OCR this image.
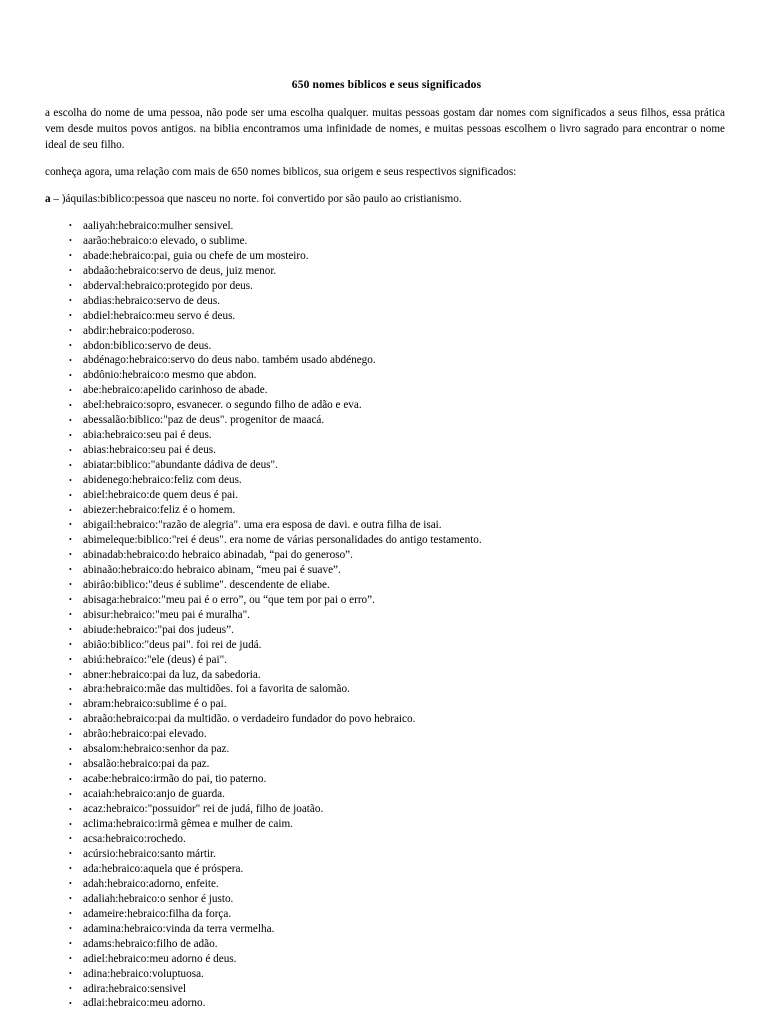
650 nomes bíblicos e seus significados

a escolha do nome de uma pessoa, não pode ser uma escolha qualquer. muitas pessoas gostam dar nomes com significados a seus filhos, essa prática vem desde muitos povos antigos. na biblia encontramos uma infinidade de nomes, e muitas pessoas escolhem o livro sagrado para encontrar o nome ideal de seu filho.

conheça agora, uma relação com mais de 650 nomes biblicos, sua origem e seus respectivos significados:

a – )áquilas:biblico:pessoa que nasceu no norte. foi convertido por são paulo ao cristianismo.

• aaliyah:hebraico:mulher sensivel.
• aarão:hebraico:o elevado, o sublime.
• abade:hebraico:pai, guia ou chefe de um mosteiro.
• abdaão:hebraico:servo de deus, juiz menor.
• abderval:hebraico:protegido por deus.
• abdias:hebraico:servo de deus.
• abdiel:hebraico:meu servo é deus.
• abdir:hebraico:poderoso.
• abdon:biblico:servo de deus.
• abdénago:hebraico:servo do deus nabo. também usado abdénego.
• abdônio:hebraico:o mesmo que abdon.
• abe:hebraico:apelido carinhoso de abade.
• abel:hebraico:sopro, esvanecer. o segundo filho de adão e eva.
• abessalão:biblico:"paz de deus". progenitor de maacá.
• abia:hebraico:seu pai é deus.
• abias:hebraico:seu pai é deus.
• abiatar:biblico:"abundante dádiva de deus".
• abidenego:hebraico:feliz com deus.
• abiel:hebraico:de quem deus é pai.
• abiezer:hebraico:feliz é o homem.
• abigail:hebraico:"razão de alegria". uma era esposa de davi. e outra filha de isai.
• abimeleque:biblico:"rei é deus". era nome de várias personalidades do antigo testamento.
• abinadab:hebraico:do hebraico abinadab, “pai do generoso”.
• abinaão:hebraico:do hebraico abinam, “meu pai é suave”.
• abirâo:biblico:"deus é sublime". descendente de eliabe.
• abisaga:hebraico:"meu pai é o erro”, ou “que tem por pai o erro”.
• abisur:hebraico:"meu pai é muralha".
• abiude:hebraico:"pai dos judeus”.
• abiâo:biblico:"deus pai". foi rei de judá.
• abiú:hebraico:"ele (deus) é pai".
• abner:hebraico:pai da luz, da sabedoria.
• abra:hebraico:mãe das multidões. foi a favorita de salomão.
• abram:hebraico:sublime é o pai.
• abraão:hebraico:pai da multidão. o verdadeiro fundador do povo hebraico.
• abrão:hebraico:pai elevado.
• absalom:hebraico:senhor da paz.
• absalão:hebraico:pai da paz.
• acabe:hebraico:irmão do pai, tio paterno.
• acaiah:hebraico:anjo de guarda.
• acaz:hebraico:"possuidor" rei de judá, filho de joatão.
• aclima:hebraico:irmã gêmea e mulher de caim.
• acsa:hebraico:rochedo.
• acúrsio:hebraico:santo mártir.
• ada:hebraico:aquela que é próspera.
• adah:hebraico:adorno, enfeite.
• adaliah:hebraico:o senhor é justo.
• adameire:hebraico:filha da força.
• adamina:hebraico:vinda da terra vermelha.
• adams:hebraico:filho de adão.
• adiel:hebraico:meu adorno é deus.
• adina:hebraico:voluptuosa.
• adira:hebraico:sensivel
• adlai:hebraico:meu adorno.
